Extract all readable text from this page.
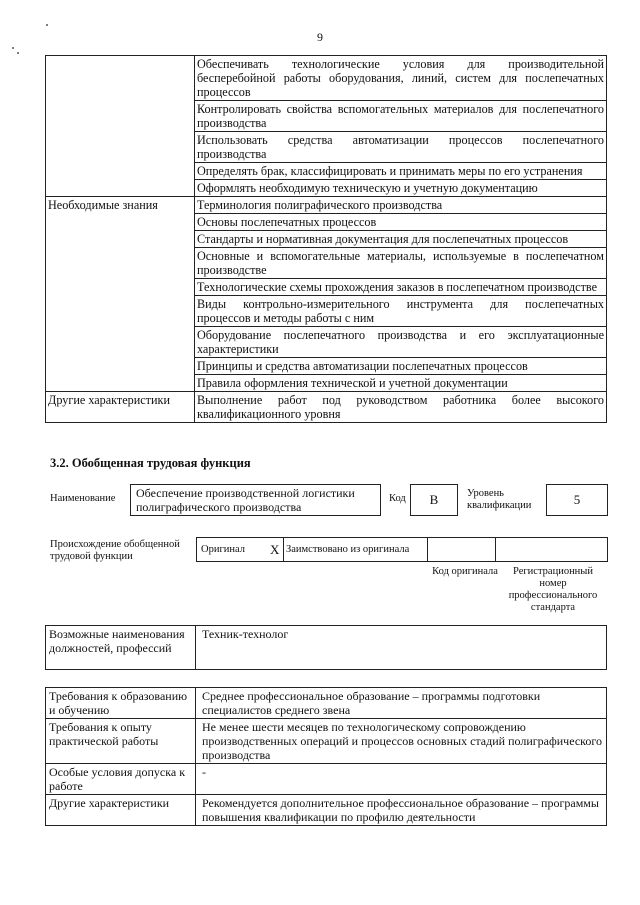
9
	Обеспечивать технологические условия для производительной бесперебойной работы оборудования, линий, систем для послепечатных процессов
	Контролировать свойства вспомогательных материалов для послепечатного производства
	Использовать средства автоматизации процессов послепечатного производства
	Определять брак, классифицировать и принимать меры по его устранения
	Оформлять необходимую техническую и учетную документацию
Необходимые знания	Терминология полиграфического производства
	Основы послепечатных процессов
	Стандарты и нормативная документация для послепечатных процессов
	Основные и вспомогательные материалы, используемые в послепечатном производстве
	Технологические схемы прохождения заказов в послепечатном производстве
	Виды контрольно-измерительного инструмента для послепечатных процессов и методы работы с ним
	Оборудование послепечатного производства и его эксплуатационные характеристики
	Принципы и средства автоматизации послепечатных процессов
	Правила оформления технической и учетной документации
Другие характеристики	Выполнение работ под руководством работника более высокого квалификационного уровня
3.2. Обобщенная трудовая функция
Наименование	Обеспечение производственной логистики полиграфического производства
Код	В	Уровень квалификации	5
Происхождение обобщенной трудовой функции
Оригинал	X	Заимствовано из оригинала		
Код оригинала	Регистрационный номер профессионального стандарта
Возможные наименования должностей, профессий	Техник-технолог
Требования к образованию и обучению	Среднее профессиональное образование – программы подготовки специалистов среднего звена
Требования к опыту практической работы	Не менее шести месяцев по технологическому сопровождению производственных операций и процессов основных стадий полиграфического производства
Особые условия допуска к работе	-
Другие характеристики	Рекомендуется дополнительное профессиональное образование – программы повышения квалификации по профилю деятельности
